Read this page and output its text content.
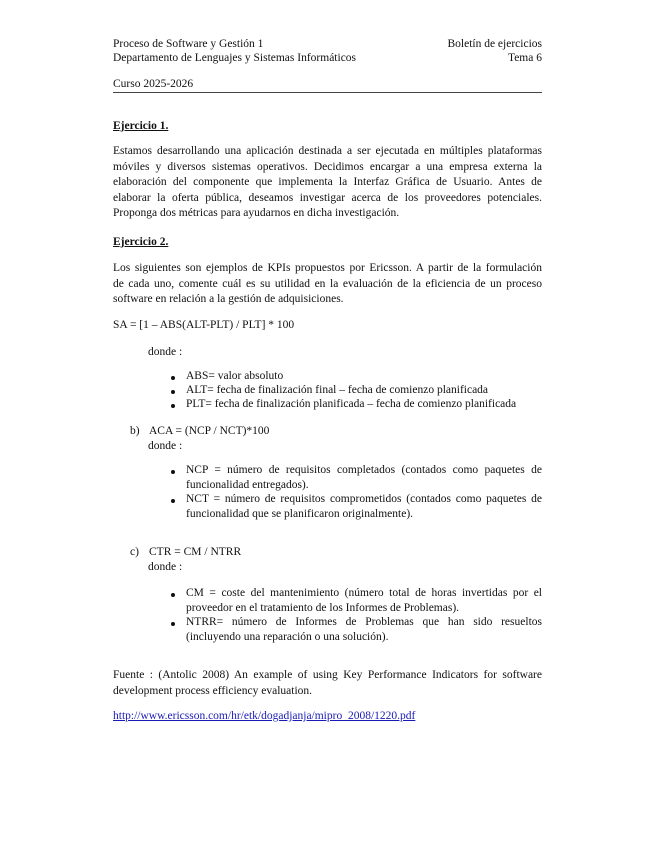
Proceso de Software y Gestión 1
Departamento de Lenguajes y Sistemas Informáticos
Boletín de ejercicios
Tema 6
Curso 2025-2026
Ejercicio 1.
Estamos desarrollando una aplicación destinada a ser ejecutada en múltiples plataformas
móviles y diversos sistemas operativos. Decidimos encargar a una empresa externa la
elaboración del componente que implementa la Interfaz Gráfica de Usuario. Antes de
elaborar la oferta pública, deseamos investigar acerca de los proveedores potenciales.
Proponga dos métricas para ayudarnos en dicha investigación.
Ejercicio 2.
Los siguientes son ejemplos de KPIs propuestos por Ericsson. A partir de la formulación
de cada uno, comente cuál es su utilidad en la evaluación de la eficiencia de un proceso
software en relación a la gestión de adquisiciones.
SA = [1 – ABS(ALT-PLT) / PLT] * 100
donde :
ABS= valor absoluto
ALT= fecha de finalización final – fecha de comienzo planificada
PLT= fecha de finalización planificada – fecha de comienzo planificada
b) ACA = (NCP / NCT)*100
donde :
NCP = número de requisitos completados (contados como paquetes de
funcionalidad entregados).
NCT = número de requisitos comprometidos (contados como paquetes de
funcionalidad que se planificaron originalmente).
c) CTR = CM / NTRR
donde :
CM = coste del mantenimiento (número total de horas invertidas por el
proveedor en el tratamiento de los Informes de Problemas).
NTRR= número de Informes de Problemas que han sido resueltos
(incluyendo una reparación o una solución).
Fuente : (Antolic 2008) An example of using Key Performance Indicators for software
development process efficiency evaluation.
http://www.ericsson.com/hr/etk/dogadjanja/mipro_2008/1220.pdf
